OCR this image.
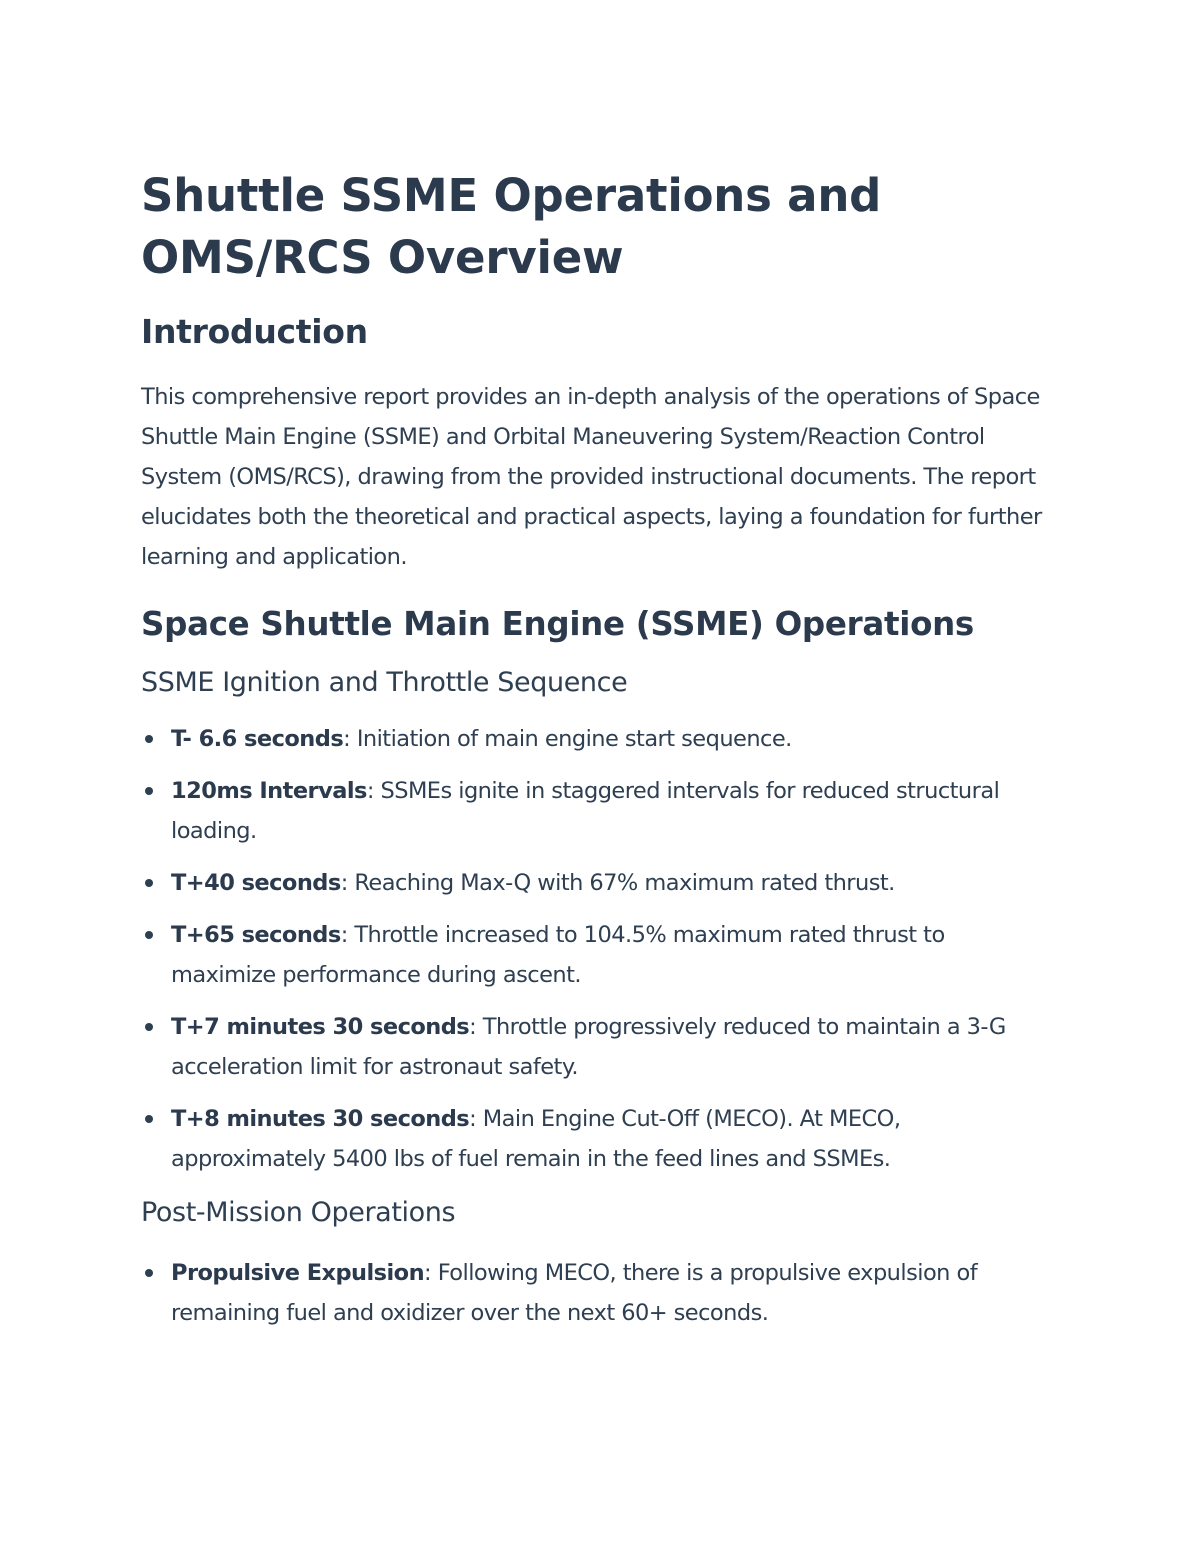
Shuttle SSME Operations and OMS/RCS Overview
Introduction

This comprehensive report provides an in-depth analysis of the operations of Space Shuttle Main Engine (SSME) and Orbital Maneuvering System/Reaction Control System (OMS/RCS), drawing from the provided instructional documents. The report elucidates both the theoretical and practical aspects, laying a foundation for further learning and application.

Space Shuttle Main Engine (SSME) Operations
SSME Ignition and Throttle Sequence
T- 6.6 seconds: Initiation of main engine start sequence.
120ms Intervals: SSMEs ignite in staggered intervals for reduced structural loading.
T+40 seconds: Reaching Max-Q with 67% maximum rated thrust.
T+65 seconds: Throttle increased to 104.5% maximum rated thrust to maximize performance during ascent.
T+7 minutes 30 seconds: Throttle progressively reduced to maintain a 3-G acceleration limit for astronaut safety.
T+8 minutes 30 seconds: Main Engine Cut-Off (MECO). At MECO, approximately 5400 lbs of fuel remain in the feed lines and SSMEs.
Post-Mission Operations
Propulsive Expulsion: Following MECO, there is a propulsive expulsion of remaining fuel and oxidizer over the next 60+ seconds.
